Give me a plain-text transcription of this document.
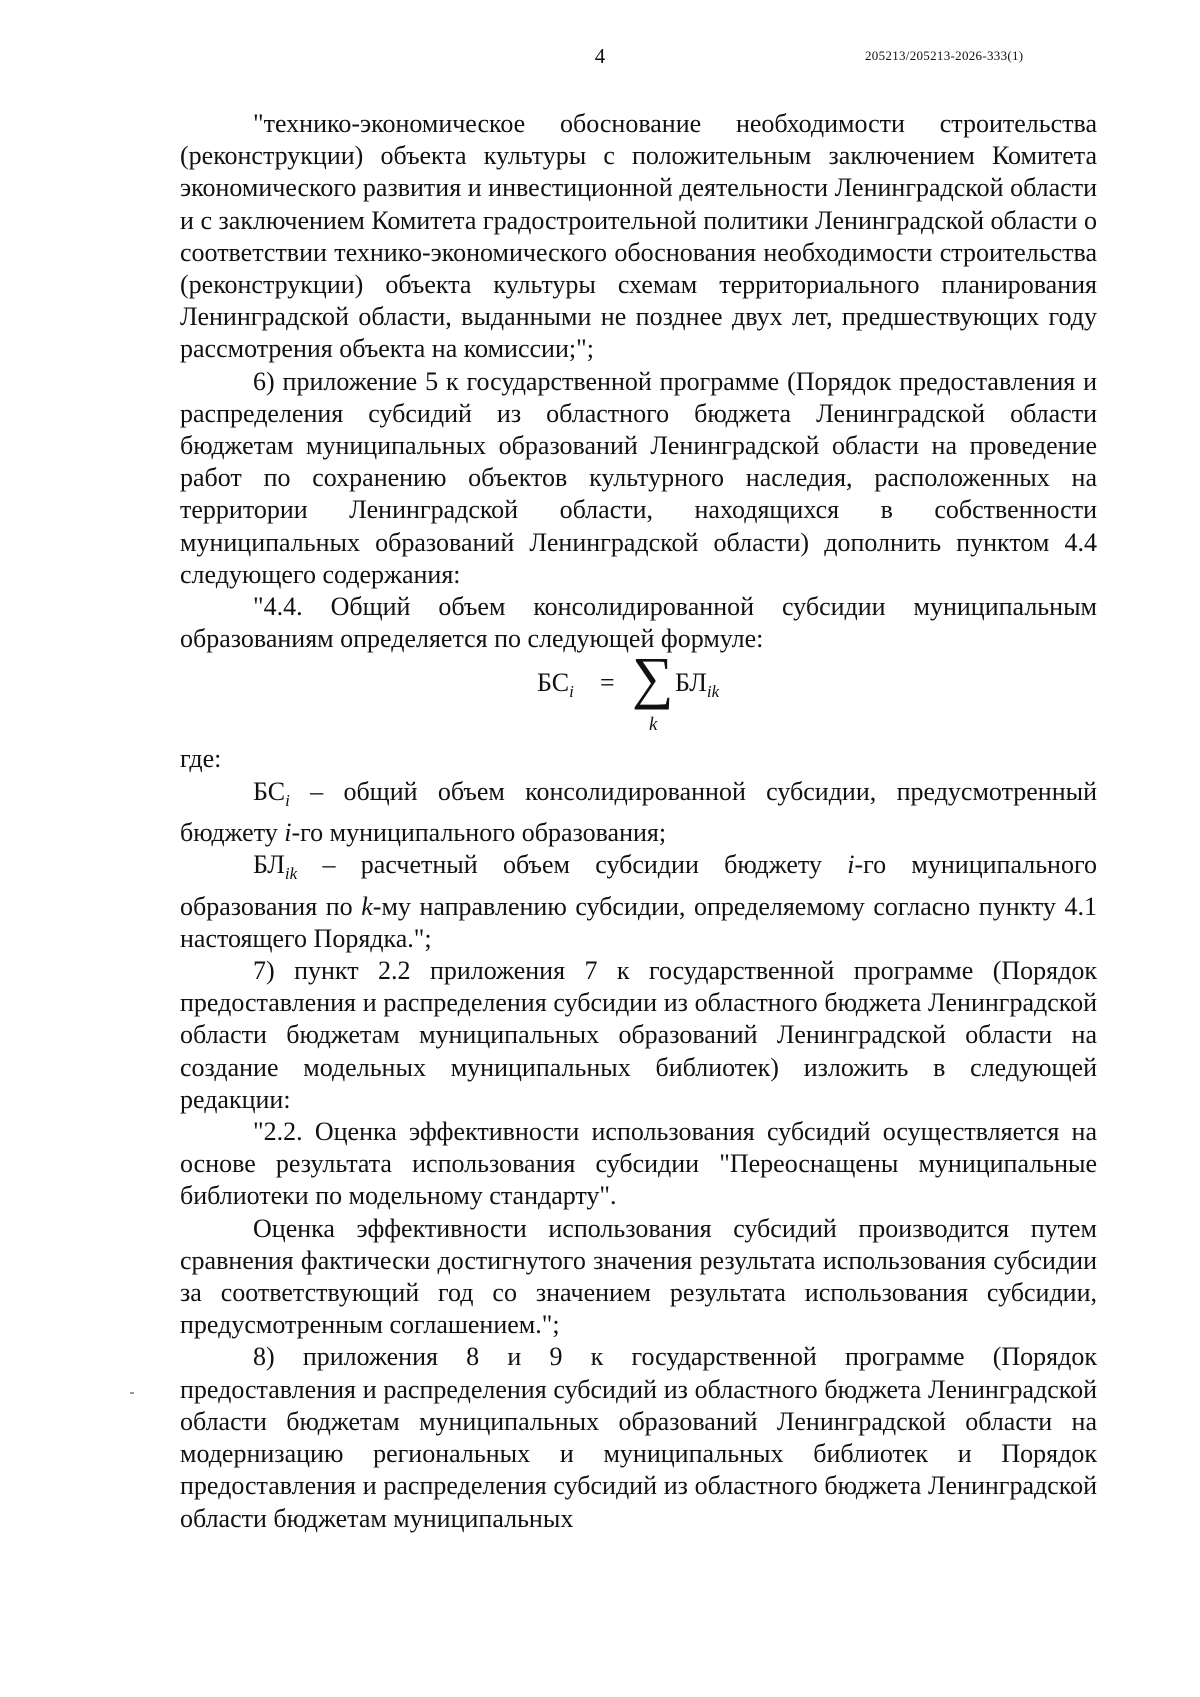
4	205213/205213-2026-333(1)

"технико-экономическое обоснование необходимости строительства (реконструкции) объекта культуры с положительным заключением Комитета экономического развития и инвестиционной деятельности Ленинградской области и с заключением Комитета градостроительной политики Ленинградской области о соответствии технико-экономического обоснования необходимости строительства (реконструкции) объекта культуры схемам территориального планирования Ленинградской области, выданными не позднее двух лет, предшествующих году рассмотрения объекта на комиссии;";

6) приложение 5 к государственной программе (Порядок предоставления и распределения субсидий из областного бюджета Ленинградской области бюджетам муниципальных образований Ленинградской области на проведение работ по сохранению объектов культурного наследия, расположенных на территории Ленинградской области, находящихся в собственности муниципальных образований Ленинградской области) дополнить пунктом 4.4 следующего содержания:

"4.4. Общий объем консолидированной субсидии муниципальным образованиям определяется по следующей формуле:

$БС_i$ = ∑
k
$БЛ_{ik}$

где:

$БС_i$ – общий объем консолидированной субсидии, предусмотренный бюджету i-го муниципального образования;

$БЛ_{ik}$ – расчетный объем субсидии бюджету i-го муниципального образования по k-му направлению субсидии, определяемому согласно пункту 4.1 настоящего Порядка.";

7) пункт 2.2 приложения 7 к государственной программе (Порядок предоставления и распределения субсидии из областного бюджета Ленинградской области бюджетам муниципальных образований Ленинградской области на создание модельных муниципальных библиотек) изложить в следующей редакции:

"2.2. Оценка эффективности использования субсидий осуществляется на основе результата использования субсидии "Переоснащены муниципальные библиотеки по модельному стандарту".

Оценка эффективности использования субсидий производится путем сравнения фактически достигнутого значения результата использования субсидии за соответствующий год со значением результата использования субсидии, предусмотренным соглашением.";

8) приложения 8 и 9 к государственной программе (Порядок предоставления и распределения субсидий из областного бюджета Ленинградской области бюджетам муниципальных образований Ленинградской области на модернизацию региональных и муниципальных библиотек и Порядок предоставления и распределения субсидий из областного бюджета Ленинградской области бюджетам муниципальных
